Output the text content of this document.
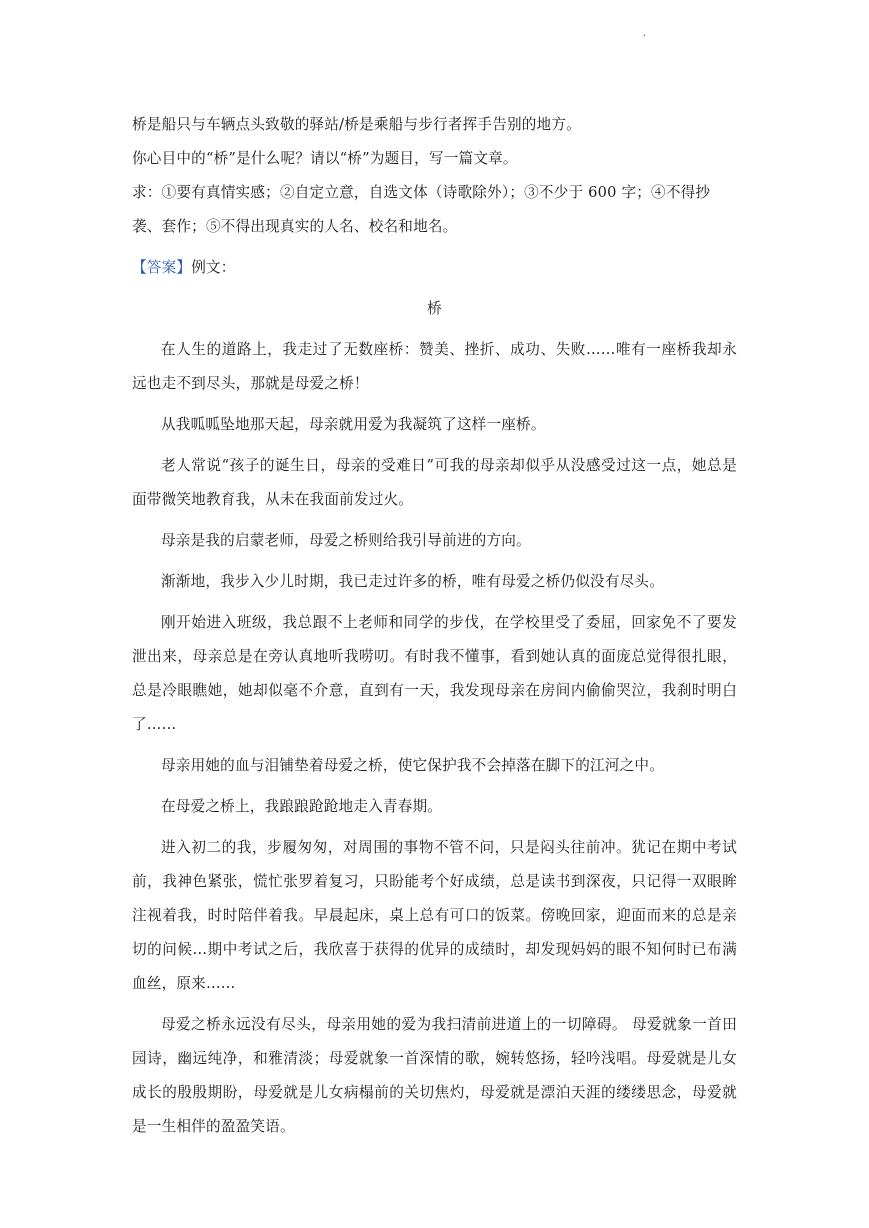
.

桥是船只与车辆点头致敬的驿站/桥是乘船与步行者挥手告别的地方。

你心目中的“桥”是什么呢？请以“桥”为题目，写一篇文章。

求：①要有真情实感；②自定立意，自选文体（诗歌除外）；③不少于 600 字；④不得抄袭、套作；⑤不得出现真实的人名、校名和地名。

【答案】例文：

桥

在人生的道路上，我走过了无数座桥：赞美、挫折、成功、失败……唯有一座桥我却永远也走不到尽头，那就是母爱之桥！

从我呱呱坠地那天起，母亲就用爱为我凝筑了这样一座桥。

老人常说“孩子的诞生日，母亲的受难日”可我的母亲却似乎从没感受过这一点，她总是面带微笑地教育我，从未在我面前发过火。

母亲是我的启蒙老师，母爱之桥则给我引导前进的方向。

渐渐地，我步入少儿时期，我已走过许多的桥，唯有母爱之桥仍似没有尽头。

刚开始进入班级，我总跟不上老师和同学的步伐，在学校里受了委屈，回家免不了要发泄出来，母亲总是在旁认真地听我唠叨。有时我不懂事，看到她认真的面庞总觉得很扎眼，总是冷眼瞧她，她却似毫不介意，直到有一天，我发现母亲在房间内偷偷哭泣，我刹时明白了……

母亲用她的血与泪铺垫着母爱之桥，使它保护我不会掉落在脚下的江河之中。

在母爱之桥上，我踉踉跄跄地走入青春期。

进入初二的我，步履匆匆，对周围的事物不管不问，只是闷头往前冲。犹记在期中考试前，我神色紧张，慌忙张罗着复习，只盼能考个好成绩，总是读书到深夜，只记得一双眼眸注视着我，时时陪伴着我。早晨起床，桌上总有可口的饭菜。傍晚回家，迎面而来的总是亲切的问候…期中考试之后，我欣喜于获得的优异的成绩时，却发现妈妈的眼不知何时已布满血丝，原来……

母爱之桥永远没有尽头，母亲用她的爱为我扫清前进道上的一切障碍。 母爱就象一首田园诗，幽远纯净，和雅清淡；母爱就象一首深情的歌，婉转悠扬，轻吟浅唱。母爱就是儿女成长的殷殷期盼，母爱就是儿女病榻前的关切焦灼，母爱就是漂泊天涯的缕缕思念，母爱就是一生相伴的盈盈笑语。
